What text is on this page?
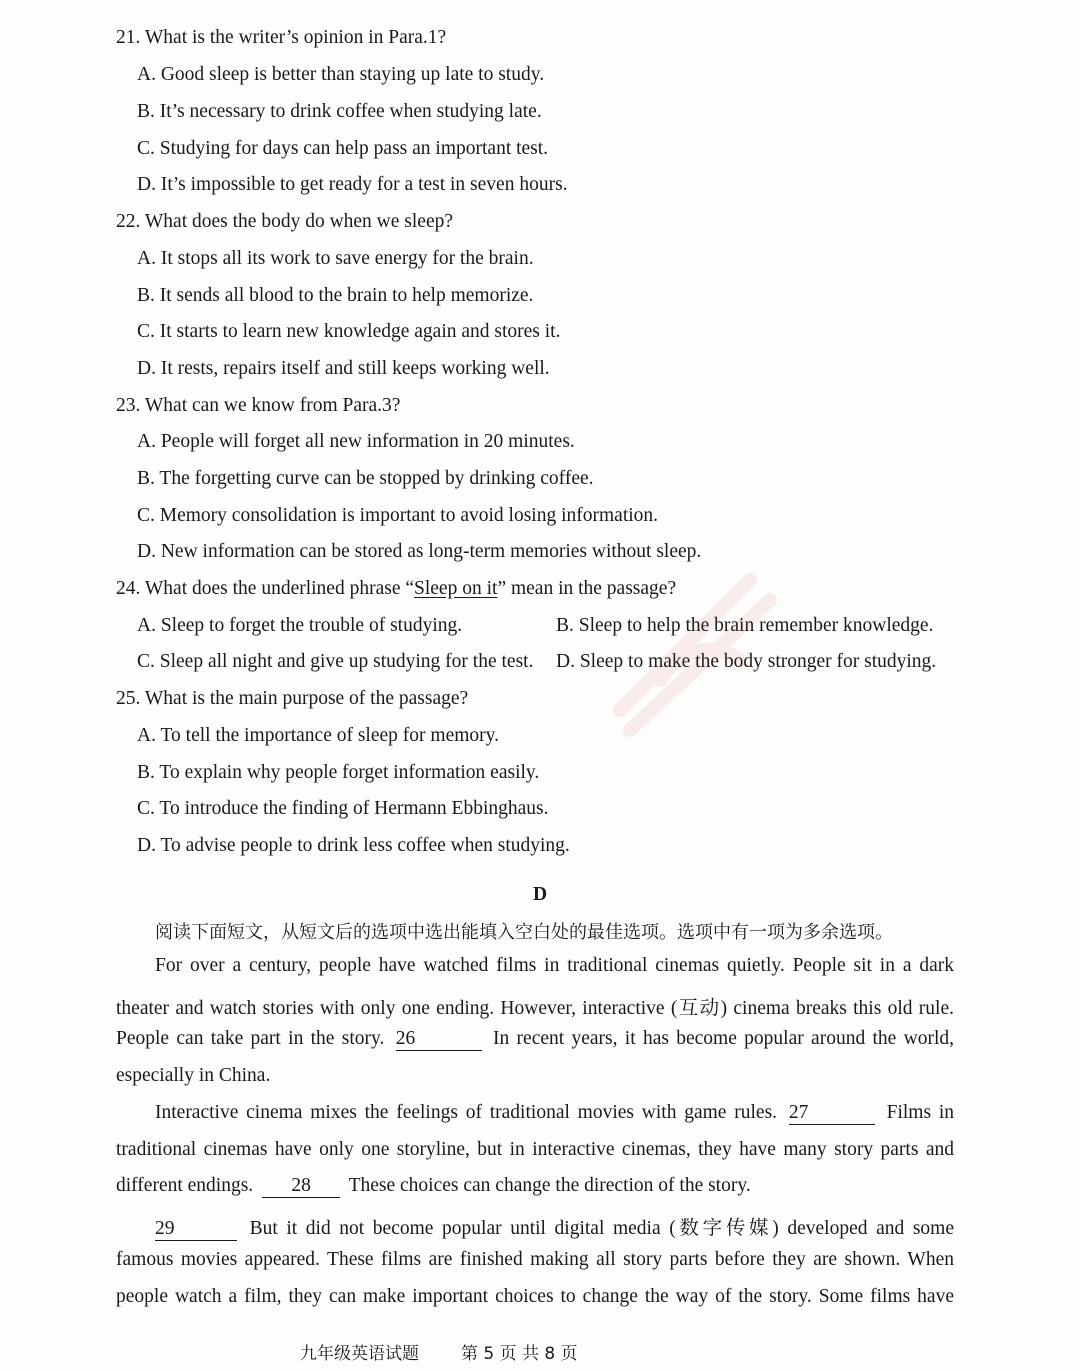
21. What is the writer’s opinion in Para.1?
A. Good sleep is better than staying up late to study.
B. It’s necessary to drink coffee when studying late.
C. Studying for days can help pass an important test.
D. It’s impossible to get ready for a test in seven hours.
22. What does the body do when we sleep?
A. It stops all its work to save energy for the brain.
B. It sends all blood to the brain to help memorize.
C. It starts to learn new knowledge again and stores it.
D. It rests, repairs itself and still keeps working well.
23. What can we know from Para.3?
A. People will forget all new information in 20 minutes.
B. The forgetting curve can be stopped by drinking coffee.
C. Memory consolidation is important to avoid losing information.
D. New information can be stored as long-term memories without sleep.
24. What does the underlined phrase “Sleep on it” mean in the passage?
A. Sleep to forget the trouble of studying.	B. Sleep to help the brain remember knowledge.
C. Sleep all night and give up studying for the test. D. Sleep to make the body stronger for studying.
25. What is the main purpose of the passage?
A. To tell the importance of sleep for memory.
B. To explain why people forget information easily.
C. To introduce the finding of Hermann Ebbinghaus.
D. To advise people to drink less coffee when studying.
D
阅读下面短文，从短文后的选项中选出能填入空白处的最佳选项。选项中有一项为多余选项。
For over a century, people have watched films in traditional cinemas quietly. People sit in a dark
theater and watch stories with only one ending. However, interactive (互动) cinema breaks this old rule.
People can take part in the story. 26	In recent years, it has become popular around the world,
especially in China.
Interactive cinema mixes the feelings of traditional movies with game rules. 27	Films in
traditional cinemas have only one storyline, but in interactive cinemas, they have many story parts and
different endings. 28 These choices can change the direction of the story.
29	But it did not become popular until digital media (数字传媒) developed and some
famous movies appeared. These films are finished making all story parts before they are shown. When
people watch a film, they can make important choices to change the way of the story. Some films have
九年级英语试题 第 5 页 共 8 页
